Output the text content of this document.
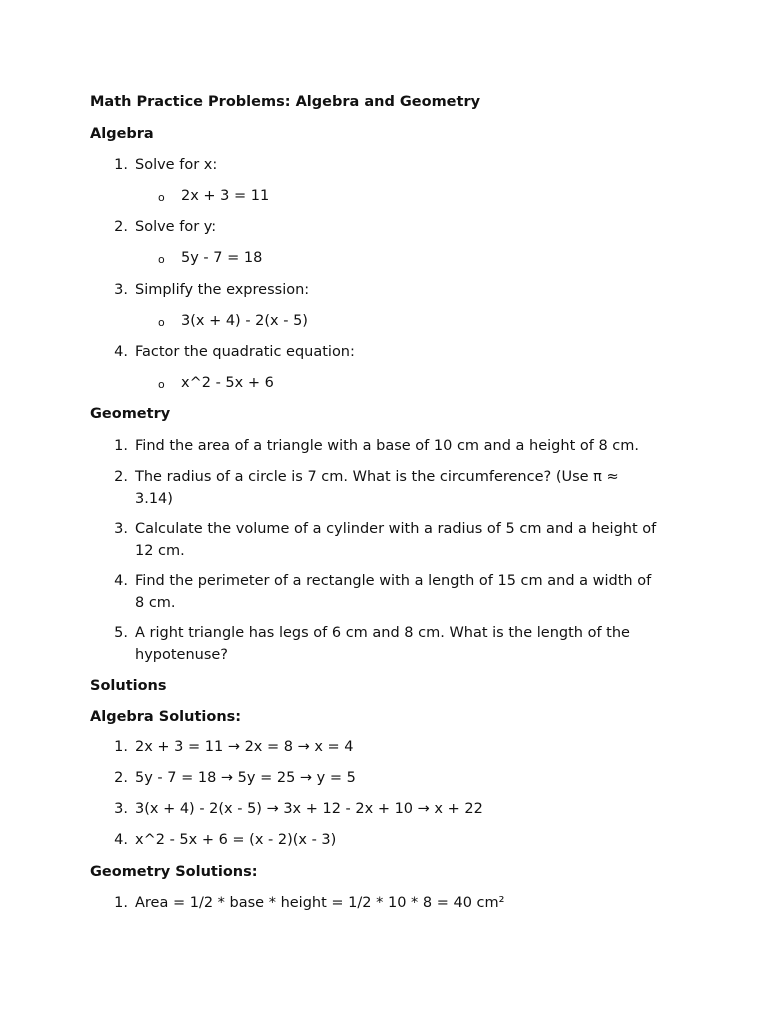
Math Practice Problems: Algebra and Geometry
Algebra
1. Solve for x:
o 2x + 3 = 11
2. Solve for y:
o 5y - 7 = 18
3. Simplify the expression:
o 3(x + 4) - 2(x - 5)
4. Factor the quadratic equation:
o x^2 - 5x + 6
Geometry
1. Find the area of a triangle with a base of 10 cm and a height of 8 cm.
2. The radius of a circle is 7 cm. What is the circumference? (Use π ≈
3.14)
3. Calculate the volume of a cylinder with a radius of 5 cm and a height of
12 cm.
4. Find the perimeter of a rectangle with a length of 15 cm and a width of
8 cm.
5. A right triangle has legs of 6 cm and 8 cm. What is the length of the
hypotenuse?
Solutions
Algebra Solutions:
1. 2x + 3 = 11 → 2x = 8 → x = 4
2. 5y - 7 = 18 → 5y = 25 → y = 5
3. 3(x + 4) - 2(x - 5) → 3x + 12 - 2x + 10 → x + 22
4. x^2 - 5x + 6 = (x - 2)(x - 3)
Geometry Solutions:
1. Area = 1/2 * base * height = 1/2 * 10 * 8 = 40 cm²
